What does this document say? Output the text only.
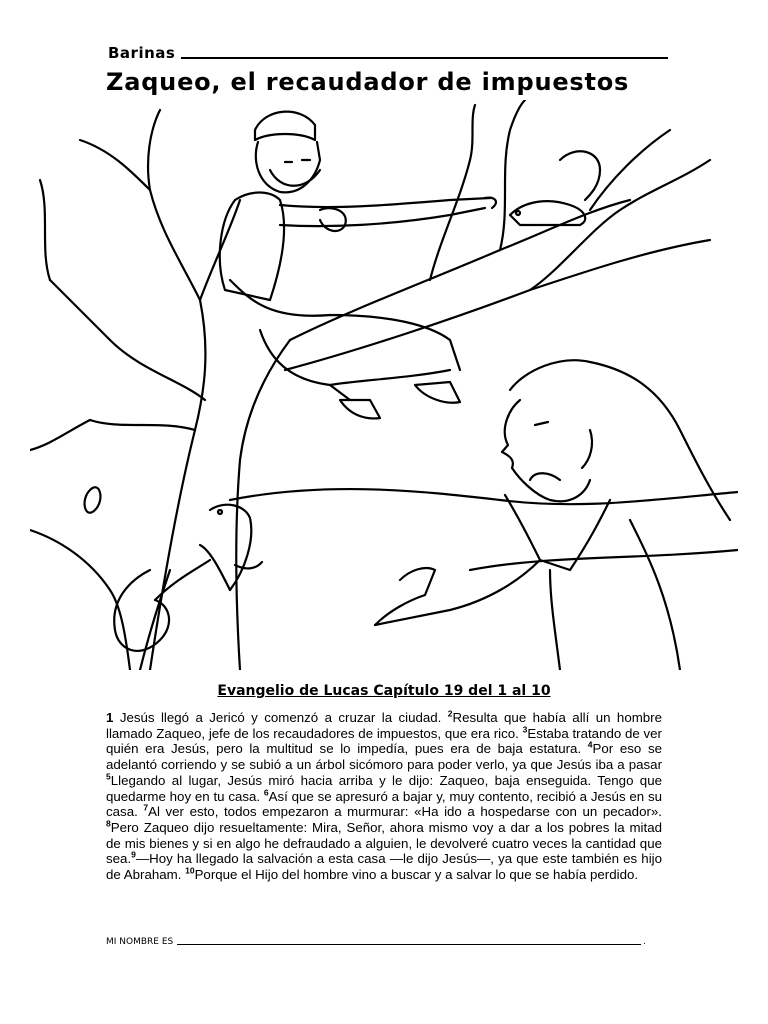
Barinas
Zaqueo, el recaudador de impuestos
Evangelio de Lucas Capítulo 19 del 1 al 10
1 Jesús llegó a Jericó y comenzó a cruzar la ciudad. $^2$Resulta que había allí un hombre llamado Zaqueo, jefe de los recaudadores de impuestos, que era rico. $^3$Estaba tratando de ver quién era Jesús, pero la multitud se lo impedía, pues era de baja estatura. $^4$Por eso se adelantó corriendo y se subió a un árbol sicómoro para poder verlo, ya que Jesús iba a pasar $^5$Llegando al lugar, Jesús miró hacia arriba y le dijo: Zaqueo, baja enseguida. Tengo que quedarme hoy en tu casa. $^6$Así que se apresuró a bajar y, muy contento, recibió a Jesús en su casa. $^7$Al ver esto, todos empezaron a murmurar: «Ha ido a hospedarse con un pecador». $^8$Pero Zaqueo dijo resueltamente: Mira, Señor, ahora mismo voy a dar a los pobres la mitad de mis bienes y si en algo he defraudado a alguien, le devolveré cuatro veces la cantidad que sea.$^9$—Hoy ha llegado la salvación a esta casa —le dijo Jesús—, ya que este también es hijo de Abraham. $^{10}$Porque el Hijo del hombre vino a buscar y a salvar lo que se había perdido.
MI NOMBRE ES	.
